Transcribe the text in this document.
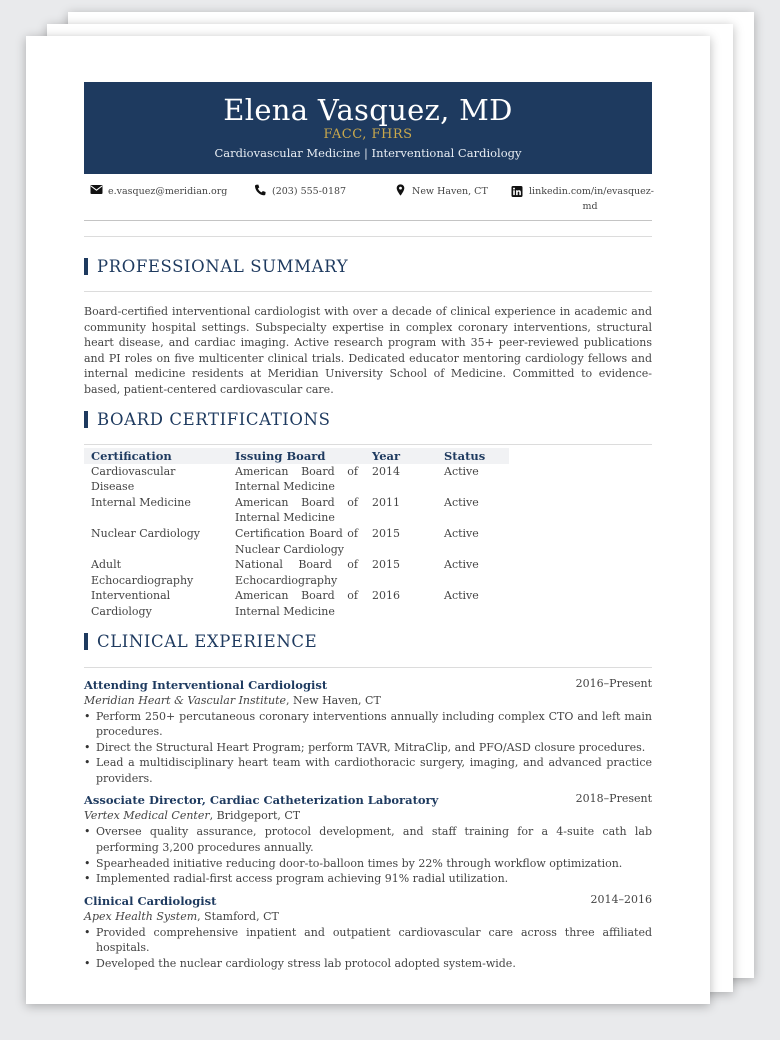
Elena Vasquez, MD
FACC, FHRS
Cardiovascular Medicine | Interventional Cardiology
e.vasquez@meridian.org	(203) 555-0187	New Haven, CT	linkedin.com/in/evasquez-
md
PROFESSIONAL SUMMARY

Board-certified interventional cardiologist with over a decade of clinical experience in academic and community hospital settings. Subspecialty expertise in complex coronary interventions, structural heart disease, and cardiac imaging. Active research program with 35+ peer-reviewed publications and PI roles on five multicenter clinical trials. Dedicated educator mentoring cardiology fellows and internal medicine residents at Meridian University School of Medicine. Committed to evidence-based, patient-centered cardiovascular care.

BOARD CERTIFICATIONS
Certification	Issuing Board	Year	Status
Cardiovascular Disease	American Board of Internal Medicine	2014	Active
Internal Medicine	American Board of Internal Medicine	2011	Active
Nuclear Cardiology	Certification Board of Nuclear Cardiology	2015	Active
Adult Echocardiography	National Board of Echocardiography	2015	Active
Interventional Cardiology	American Board of Internal Medicine	2016	Active
CLINICAL EXPERIENCE
Attending Interventional Cardiologist	2016–Present
Meridian Heart & Vascular Institute, New Haven, CT
• Perform 250+ percutaneous coronary interventions annually including complex CTO and left main procedures.
• Direct the Structural Heart Program; perform TAVR, MitraClip, and PFO/ASD closure procedures.
• Lead a multidisciplinary heart team with cardiothoracic surgery, imaging, and advanced practice providers.
Associate Director, Cardiac Catheterization Laboratory	2018–Present
Vertex Medical Center, Bridgeport, CT
• Oversee quality assurance, protocol development, and staff training for a 4-suite cath lab performing 3,200 procedures annually.
• Spearheaded initiative reducing door-to-balloon times by 22% through workflow optimization.
• Implemented radial-first access program achieving 91% radial utilization.
Clinical Cardiologist	2014–2016
Apex Health System, Stamford, CT
• Provided comprehensive inpatient and outpatient cardiovascular care across three affiliated hospitals.
• Developed the nuclear cardiology stress lab protocol adopted system-wide.
